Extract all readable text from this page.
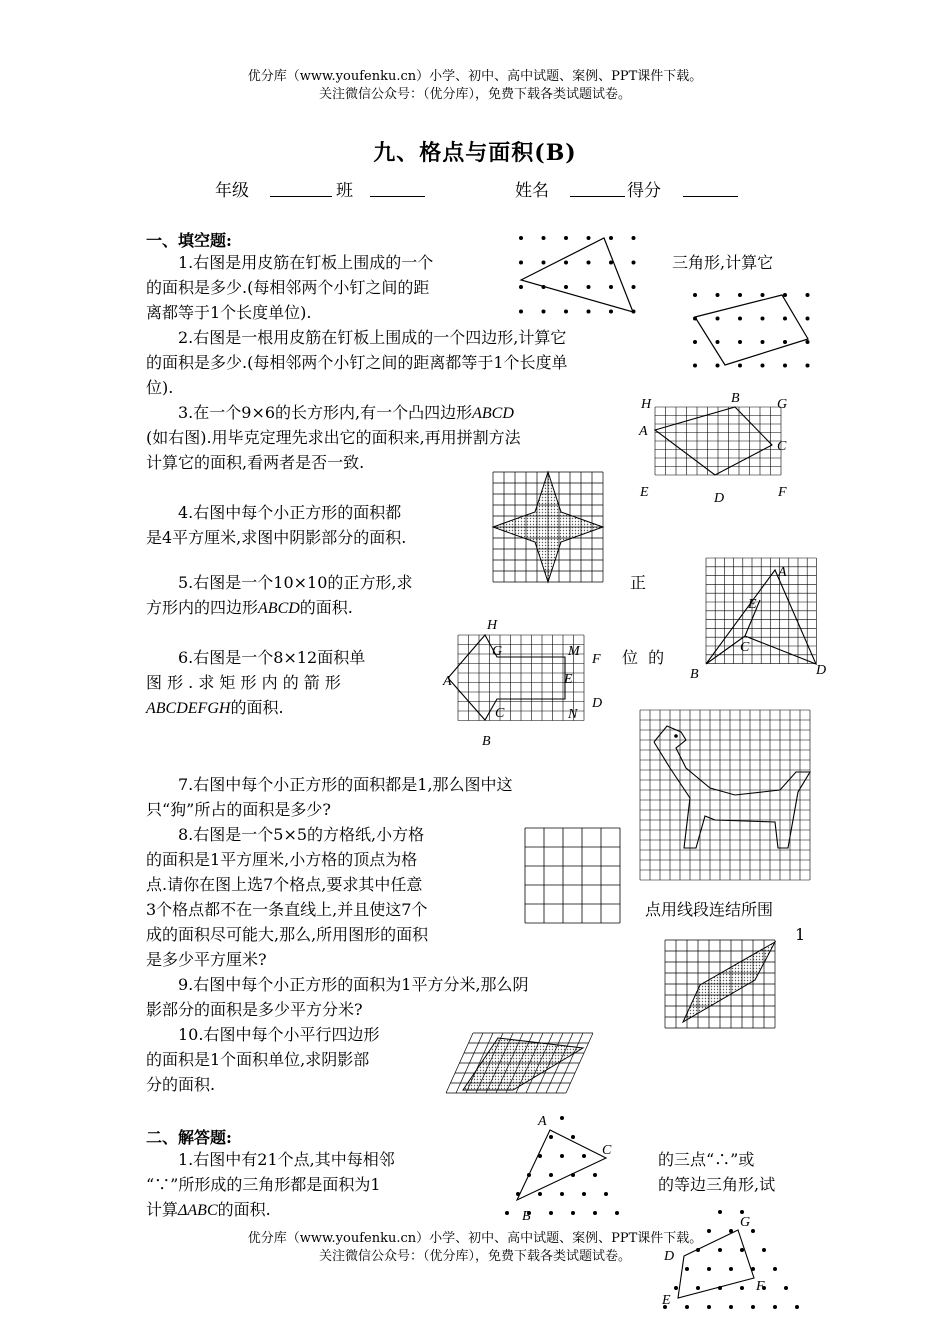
优分库（www.youfenku.cn）小学、初中、高中试题、案例、PPT课件下载。
关注微信公众号：（优分库），免费下载各类试题试卷。
九、格点与面积(B)
年级	班	姓名	得分
一、填空题:
1.右图是用皮筋在钉板上围成的一个	三角形,计算它
的面积是多少.(每相邻两个小钉之间的距
离都等于1个长度单位).
2.右图是一根用皮筋在钉板上围成的一个四边形,计算它
的面积是多少.(每相邻两个小钉之间的距离都等于1个长度单
位).
3.在一个9×6的长方形内,有一个凸四边形ABCD
(如右图).用毕克定理先求出它的面积来,再用拼割方法
计算它的面积,看两者是否一致.
4.右图中每个小正方形的面积都
是4平方厘米,求图中阴影部分的面积.
5.右图是一个10×10的正方形,求	正
方形内的四边形ABCD的面积.
6.右图是一个8×12面积单	位  的
图 形 . 求 矩 形 内 的 箭 形
ABCDEFGH的面积.
7.右图中每个小正方形的面积都是1,那么图中这
只“狗”所占的面积是多少?
8.右图是一个5×5的方格纸,小方格
的面积是1平方厘米,小方格的顶点为格
点.请你在图上选7个格点,要求其中任意
3个格点都不在一条直线上,并且使这7个	点用线段连结所围
成的面积尽可能大,那么,所用图形的面积	1
是多少平方厘米?
9.右图中每个小正方形的面积为1平方分米,那么阴
影部分的面积是多少平方分米?
10.右图中每个小平行四边形
的面积是1个面积单位,求阴影部
分的面积.
二、解答题:
1.右图中有21个点,其中每相邻	的三点“∴”或
“∵”所形成的三角形都是面积为1	的等边三角形,试
计算ΔABC的面积.
优分库（www.youfenku.cn）小学、初中、高中试题、案例、PPT课件下载。
关注微信公众号：（优分库），免费下载各类试题试卷。
H	B	G
A
C
E	D	F
A
E
C
B	D
H
G	M
F
A	E
D
C	N
B
A
C
B	G
D
F
E
